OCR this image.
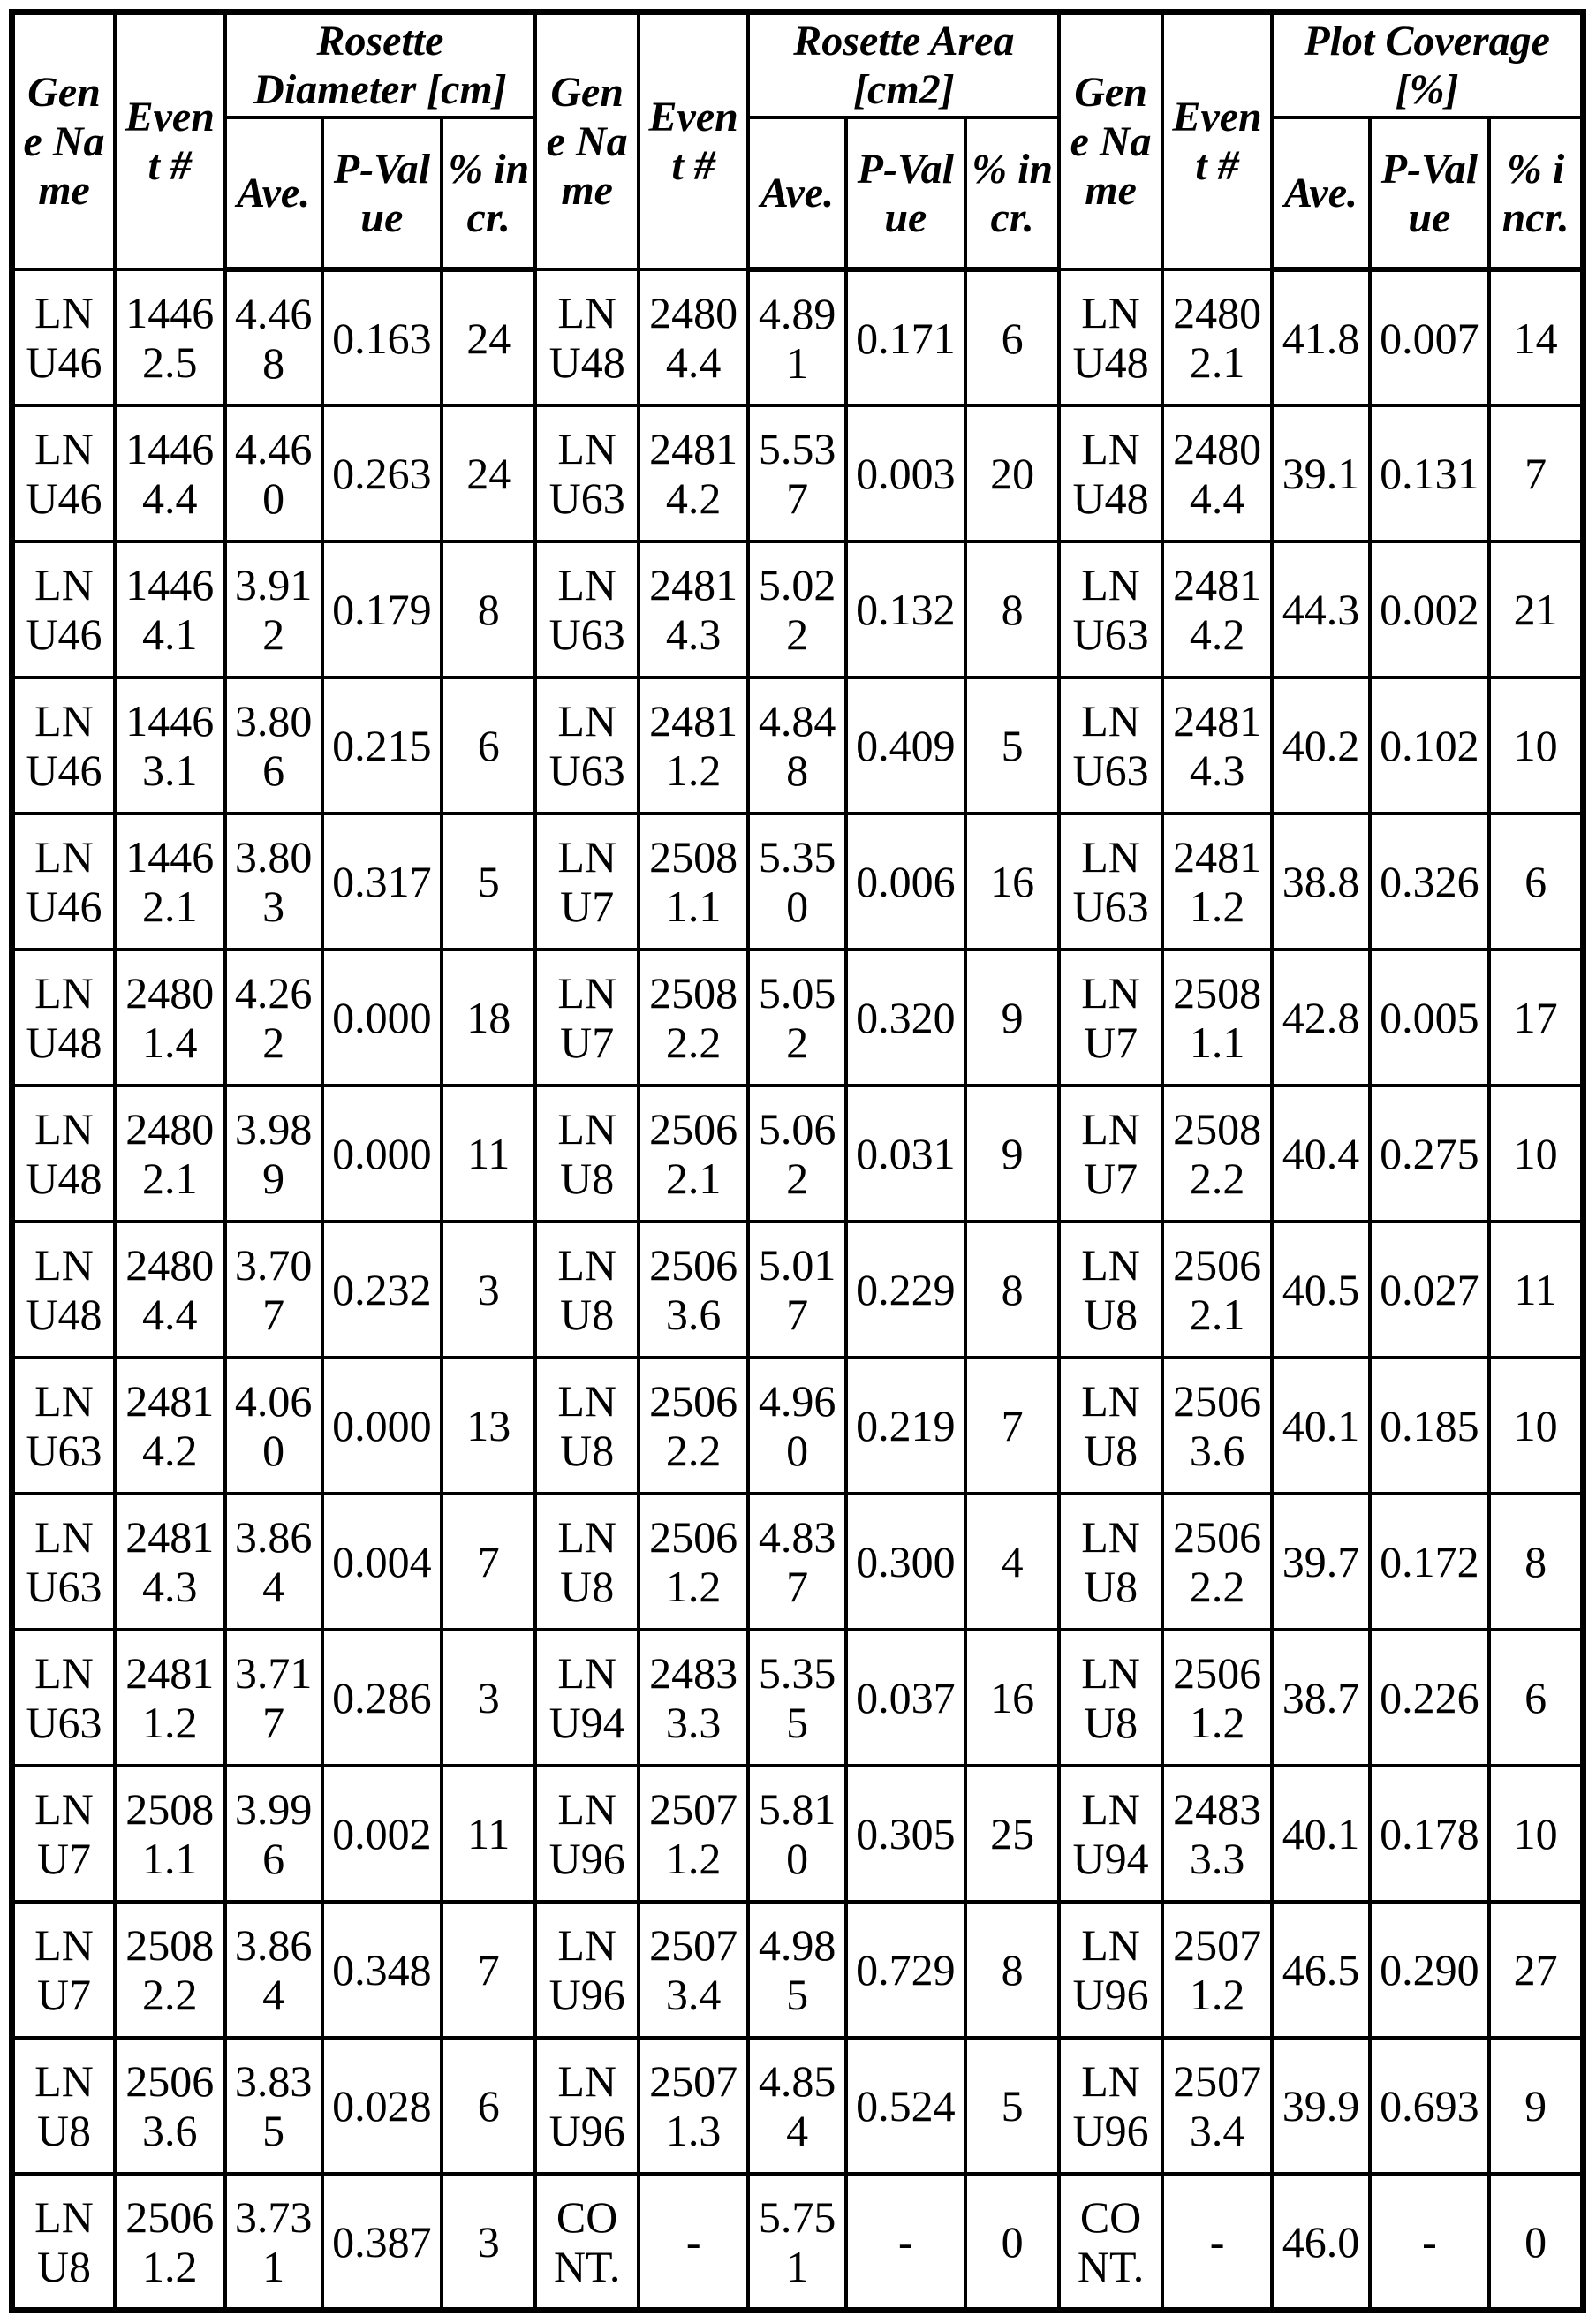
Gene Name	Event #	Rosette Diameter [cm]			Gene Name	Event #	Rosette Area [cm2]			Gene Name	Event #	Plot Coverage [%]		
		Ave.	P-Value	% incr.			Ave.	P-Value	% incr.			Ave.	P-Value	% incr.
LNU46	14462.5	4.468	0.163	24	LNU48	24804.4	4.891	0.171	6	LNU48	24802.1	41.8	0.007	14
LNU46	14464.4	4.460	0.263	24	LNU63	24814.2	5.537	0.003	20	LNU48	24804.4	39.1	0.131	7
LNU46	14464.1	3.912	0.179	8	LNU63	24814.3	5.022	0.132	8	LNU63	24814.2	44.3	0.002	21
LNU46	14463.1	3.806	0.215	6	LNU63	24811.2	4.848	0.409	5	LNU63	24814.3	40.2	0.102	10
LNU46	14462.1	3.803	0.317	5	LNU7	25081.1	5.350	0.006	16	LNU63	24811.2	38.8	0.326	6
LNU48	24801.4	4.262	0.000	18	LNU7	25082.2	5.052	0.320	9	LNU7	25081.1	42.8	0.005	17
LNU48	24802.1	3.989	0.000	11	LNU8	25062.1	5.062	0.031	9	LNU7	25082.2	40.4	0.275	10
LNU48	24804.4	3.707	0.232	3	LNU8	25063.6	5.017	0.229	8	LNU8	25062.1	40.5	0.027	11
LNU63	24814.2	4.060	0.000	13	LNU8	25062.2	4.960	0.219	7	LNU8	25063.6	40.1	0.185	10
LNU63	24814.3	3.864	0.004	7	LNU8	25061.2	4.837	0.300	4	LNU8	25062.2	39.7	0.172	8
LNU63	24811.2	3.717	0.286	3	LNU94	24833.3	5.355	0.037	16	LNU8	25061.2	38.7	0.226	6
LNU7	25081.1	3.996	0.002	11	LNU96	25071.2	5.810	0.305	25	LNU94	24833.3	40.1	0.178	10
LNU7	25082.2	3.864	0.348	7	LNU96	25073.4	4.985	0.729	8	LNU96	25071.2	46.5	0.290	27
LNU8	25063.6	3.835	0.028	6	LNU96	25071.3	4.854	0.524	5	LNU96	25073.4	39.9	0.693	9
LNU8	25061.2	3.731	0.387	3	CONT.	-	5.751	-	0	CONT.	-	46.0	-	0
